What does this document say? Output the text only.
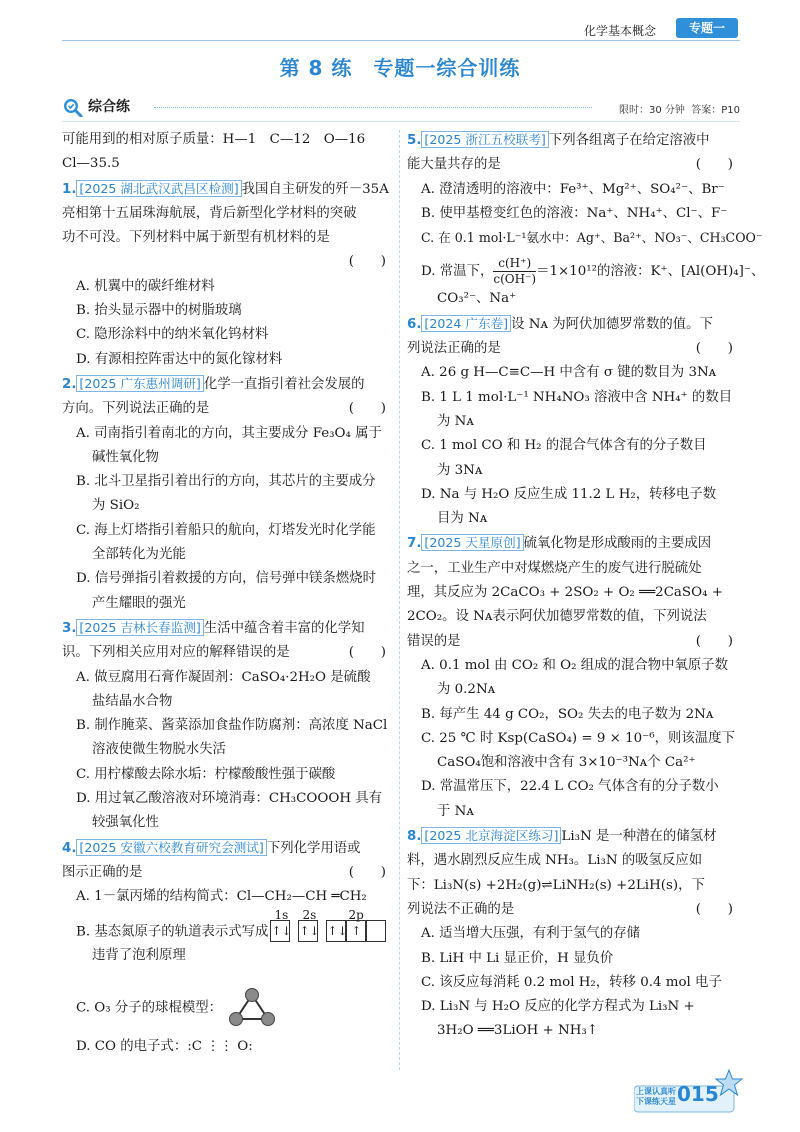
化学基本概念	专题一
第 8 练　专题一综合训练
综合练	限时：30 分钟 答案：P10
可能用到的相对原子质量：H—1　C—12　O—16
Cl—35.5
1. [2025 湖北武汉武昌区检测] 我国自主研发的歼－35A
亮相第十五届珠海航展，背后新型化学材料的突破
功不可没。下列材料中属于新型有机材料的是
(　　)

A. 机翼中的碳纤维材料
B. 抬头显示器中的树脂玻璃
C. 隐形涂料中的纳米氧化钨材料
D. 有源相控阵雷达中的氮化镓材料
2. [2025 广东惠州调研] 化学一直指引着社会发展的
方向。下列说法正确的是	(　　)
A. 司南指引着南北的方向，其主要成分 Fe₃O₄ 属于
碱性氧化物
B. 北斗卫星指引着出行的方向，其芯片的主要成分
为 SiO₂
C. 海上灯塔指引着船只的航向，灯塔发光时化学能
全部转化为光能
D. 信号弹指引着救援的方向，信号弹中镁条燃烧时
产生耀眼的强光
3. [2025 吉林长春监测] 生活中蕴含着丰富的化学知
识。下列相关应用对应的解释错误的是	(　　)
A. 做豆腐用石膏作凝固剂：CaSO₄·2H₂O 是硫酸
盐结晶水合物
B. 制作腌菜、酱菜添加食盐作防腐剂：高浓度 NaCl
溶液使微生物脱水失活
C. 用柠檬酸去除水垢：柠檬酸酸性强于碳酸
D. 用过氧乙酸溶液对环境消毒：CH₃COOOH 具有
较强氧化性
4. [2025 安徽六校教育研究会测试] 下列化学用语或
图示正确的是	(　　)
A. 1－氯丙烯的结构简式：Cl—CH₂—CH ═CH₂
B. 基态氮原子的轨道表示式写成
1s 2s	2p
↑↓ ↑↓ ↑↓ ↑
违背了泡利原理
C. O₃ 分子的球棍模型：
D. CO 的电子式：:C ⋮⋮ O:
5. [2025 浙江五校联考] 下列各组离子在给定溶液中
能大量共存的是	(　　)
A. 澄清透明的溶液中：Fe³⁺、Mg²⁺、SO₄²⁻、Br⁻
B. 使甲基橙变红色的溶液：Na⁺、NH₄⁺、Cl⁻、F⁻
C. 在 0.1 mol·L⁻¹氨水中：Ag⁺、Ba²⁺、NO₃⁻、CH₃COO⁻
D. 常温下， $\frac{c(H^+)}{c(OH^-)} =1\times 10^{12}$的溶液：K⁺、[Al(OH)₄]⁻、
CO₃²⁻、Na⁺
6. [2024 广东卷] 设 Nᴀ 为阿伏加德罗常数的值。下
列说法正确的是	(　　)
A. 26 g H—C≡C—H 中含有 σ 键的数目为 3Nᴀ
B. 1 L 1 mol·L⁻¹ NH₄NO₃ 溶液中含 NH₄⁺ 的数目
为 Nᴀ
C. 1 mol CO 和 H₂ 的混合气体含有的分子数目
为 3Nᴀ
D. Na 与 H₂O 反应生成 11.2 L H₂，转移电子数
目为 Nᴀ
7. [2025 天星原创] 硫氧化物是形成酸雨的主要成因
之一，工业生产中对煤燃烧产生的废气进行脱硫处
理，其反应为 2CaCO₃ + 2SO₂ + O₂ ══2CaSO₄ +
2CO₂。设 Nᴀ表示阿伏加德罗常数的值，下列说法
错误的是	(　　)
A. 0.1 mol 由 CO₂ 和 O₂ 组成的混合物中氧原子数
为 0.2Nᴀ
B. 每产生 44 g CO₂，SO₂ 失去的电子数为 2Nᴀ
C. 25 ℃ 时 Ksp(CaSO₄) = 9 × 10⁻⁶，则该温度下
CaSO₄饱和溶液中含有 3×10⁻³Nᴀ个 Ca²⁺
D. 常温常压下，22.4 L CO₂ 气体含有的分子数小
于 Nᴀ
8. [2025 北京海淀区练习] Li₃N 是一种潜在的储氢材
料，遇水剧烈反应生成 NH₃。Li₃N 的吸氢反应如
下：Li₃N(s) +2H₂(g)⇌LiNH₂(s) +2LiH(s)，下
列说法不正确的是	(　　)
A. 适当增大压强，有利于氢气的存储
B. LiH 中 Li 显正价，H 显负价
C. 该反应每消耗 0.2 mol H₂，转移 0.4 mol 电子
D. Li₃N 与 H₂O 反应的化学方程式为 Li₃N +
3H₂O ══3LiOH + NH₃↑
上课认真听
下课练天星 015
